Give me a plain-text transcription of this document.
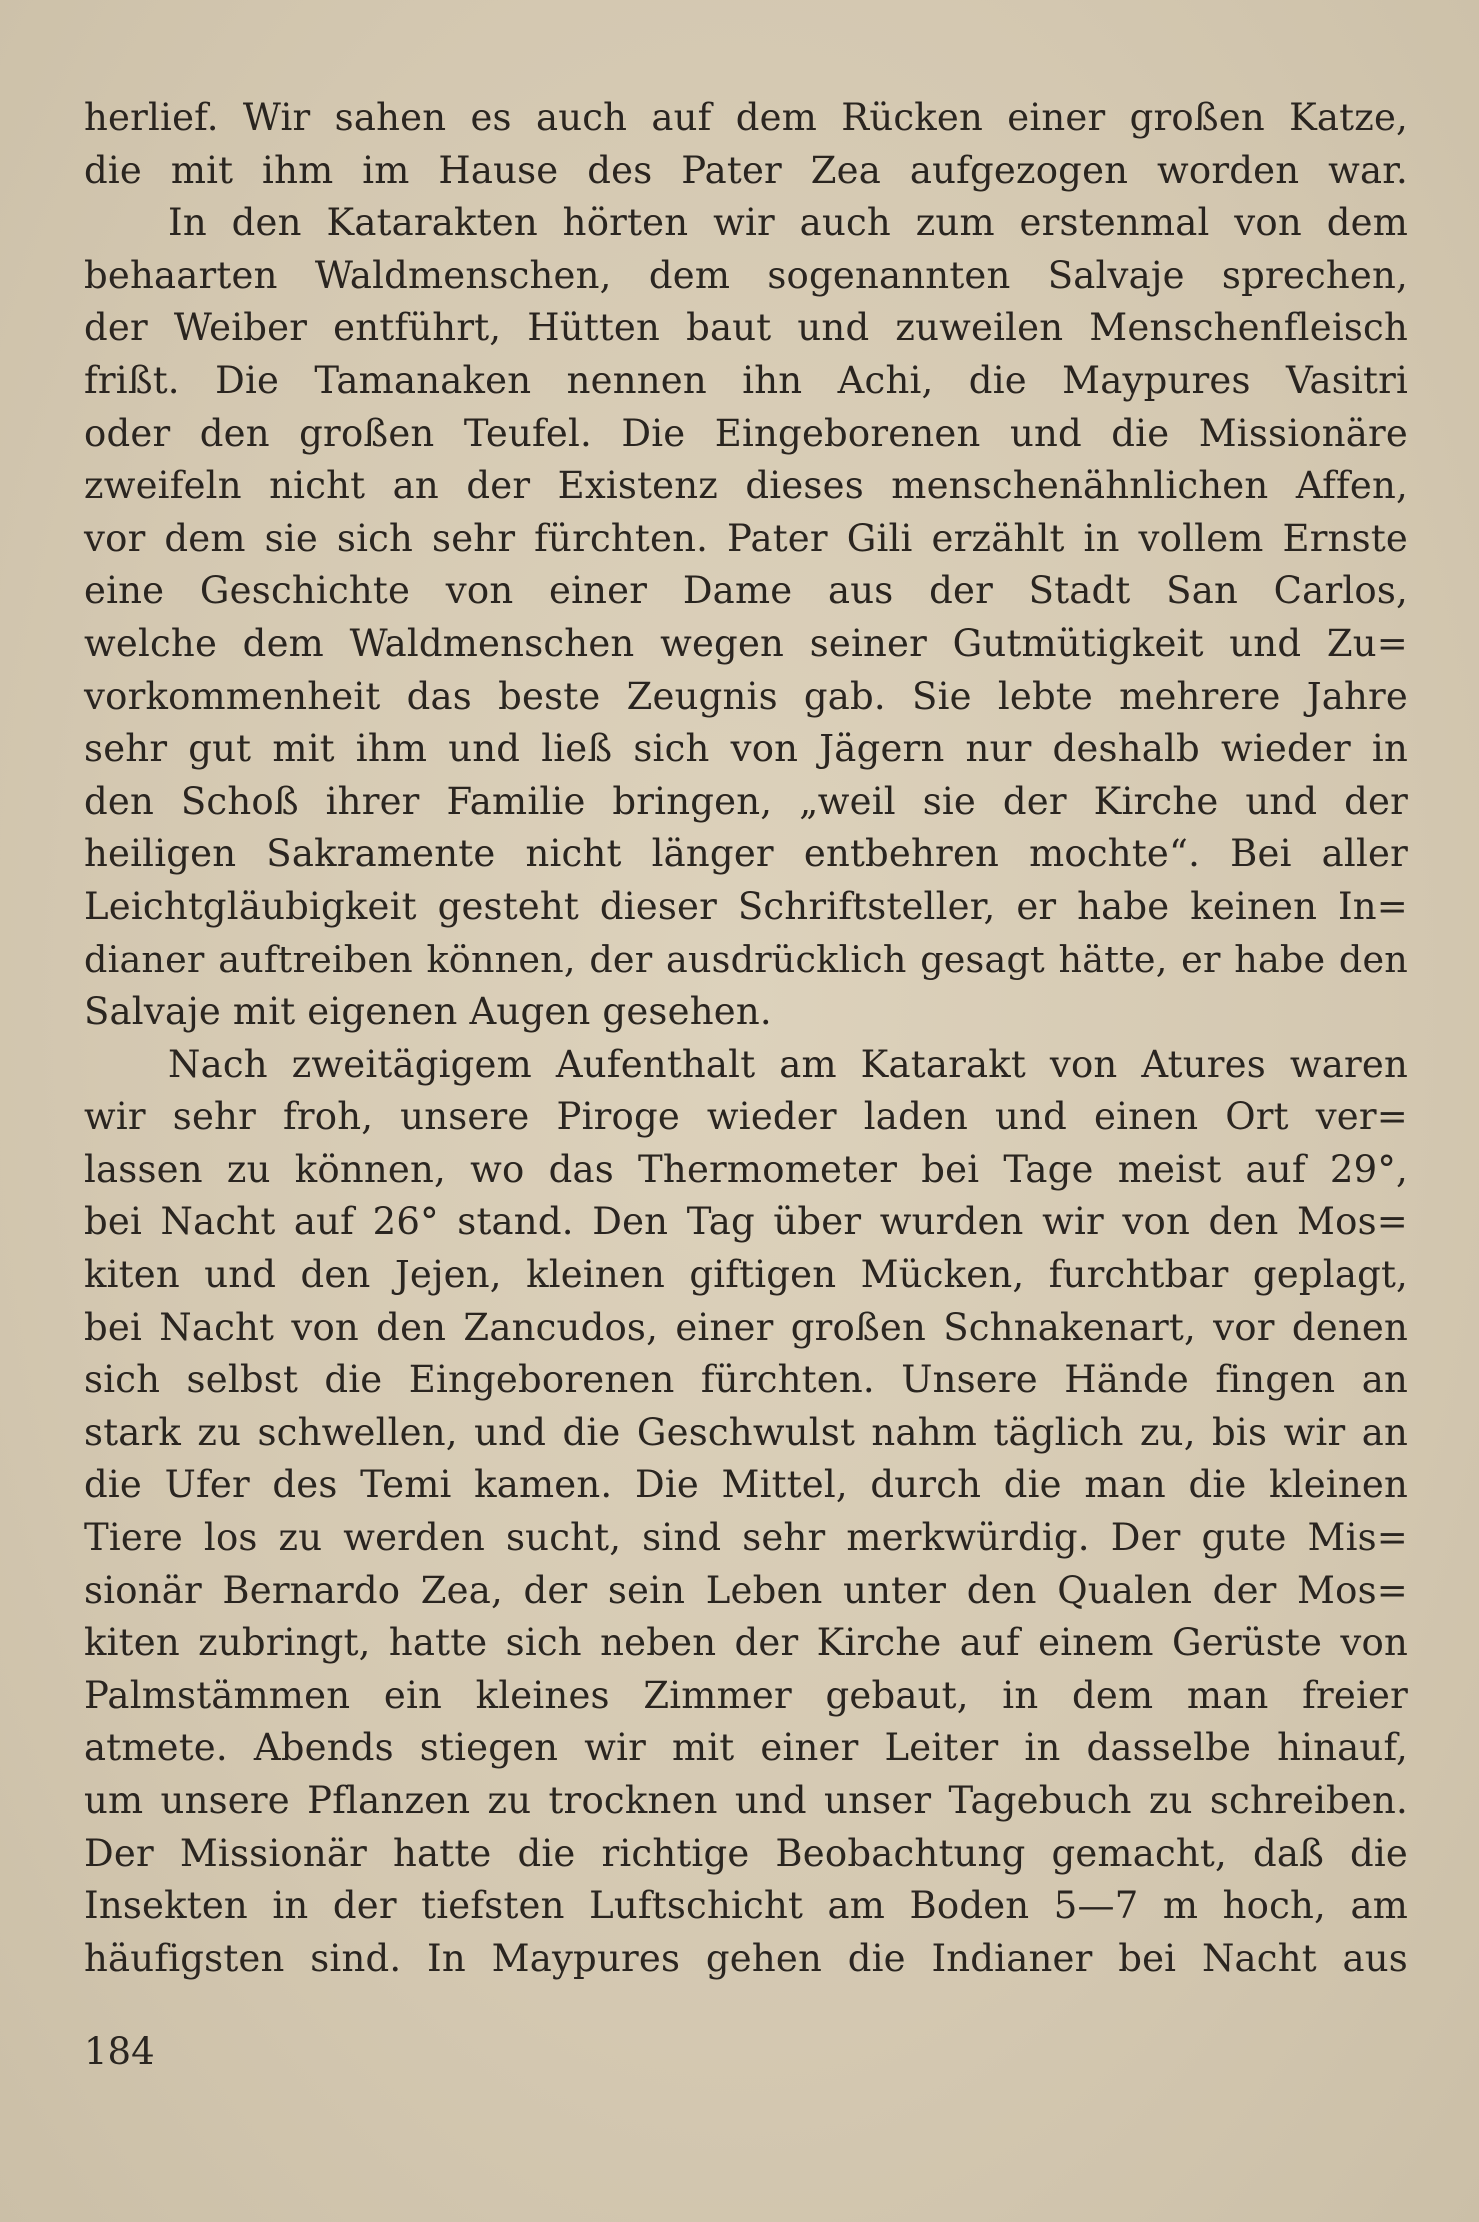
herlief. Wir sahen es auch auf dem Rücken einer großen Katze,
die mit ihm im Hause des Pater Zea aufgezogen worden war.
In den Katarakten hörten wir auch zum erstenmal von dem
behaarten Waldmenschen, dem sogenannten Salvaje sprechen,
der Weiber entführt, Hütten baut und zuweilen Menschenfleisch
frißt. Die Tamanaken nennen ihn Achi, die Maypures Vasitri
oder den großen Teufel. Die Eingeborenen und die Missionäre
zweifeln nicht an der Existenz dieses menschenähnlichen Affen,
vor dem sie sich sehr fürchten. Pater Gili erzählt in vollem Ernste
eine Geschichte von einer Dame aus der Stadt San Carlos,
welche dem Waldmenschen wegen seiner Gutmütigkeit und Zu=
vorkommenheit das beste Zeugnis gab. Sie lebte mehrere Jahre
sehr gut mit ihm und ließ sich von Jägern nur deshalb wieder in
den Schoß ihrer Familie bringen, „weil sie der Kirche und der
heiligen Sakramente nicht länger entbehren mochte“. Bei aller
Leichtgläubigkeit gesteht dieser Schriftsteller, er habe keinen In=
dianer auftreiben können, der ausdrücklich gesagt hätte, er habe den
Salvaje mit eigenen Augen gesehen.
Nach zweitägigem Aufenthalt am Katarakt von Atures waren
wir sehr froh, unsere Piroge wieder laden und einen Ort ver=
lassen zu können, wo das Thermometer bei Tage meist auf 29°,
bei Nacht auf 26° stand. Den Tag über wurden wir von den Mos=
kiten und den Jejen, kleinen giftigen Mücken, furchtbar geplagt,
bei Nacht von den Zancudos, einer großen Schnakenart, vor denen
sich selbst die Eingeborenen fürchten. Unsere Hände fingen an
stark zu schwellen, und die Geschwulst nahm täglich zu, bis wir an
die Ufer des Temi kamen. Die Mittel, durch die man die kleinen
Tiere los zu werden sucht, sind sehr merkwürdig. Der gute Mis=
sionär Bernardo Zea, der sein Leben unter den Qualen der Mos=
kiten zubringt, hatte sich neben der Kirche auf einem Gerüste von
Palmstämmen ein kleines Zimmer gebaut, in dem man freier
atmete. Abends stiegen wir mit einer Leiter in dasselbe hinauf,
um unsere Pflanzen zu trocknen und unser Tagebuch zu schreiben.
Der Missionär hatte die richtige Beobachtung gemacht, daß die
Insekten in der tiefsten Luftschicht am Boden 5—7 m hoch, am
häufigsten sind. In Maypures gehen die Indianer bei Nacht aus
184
